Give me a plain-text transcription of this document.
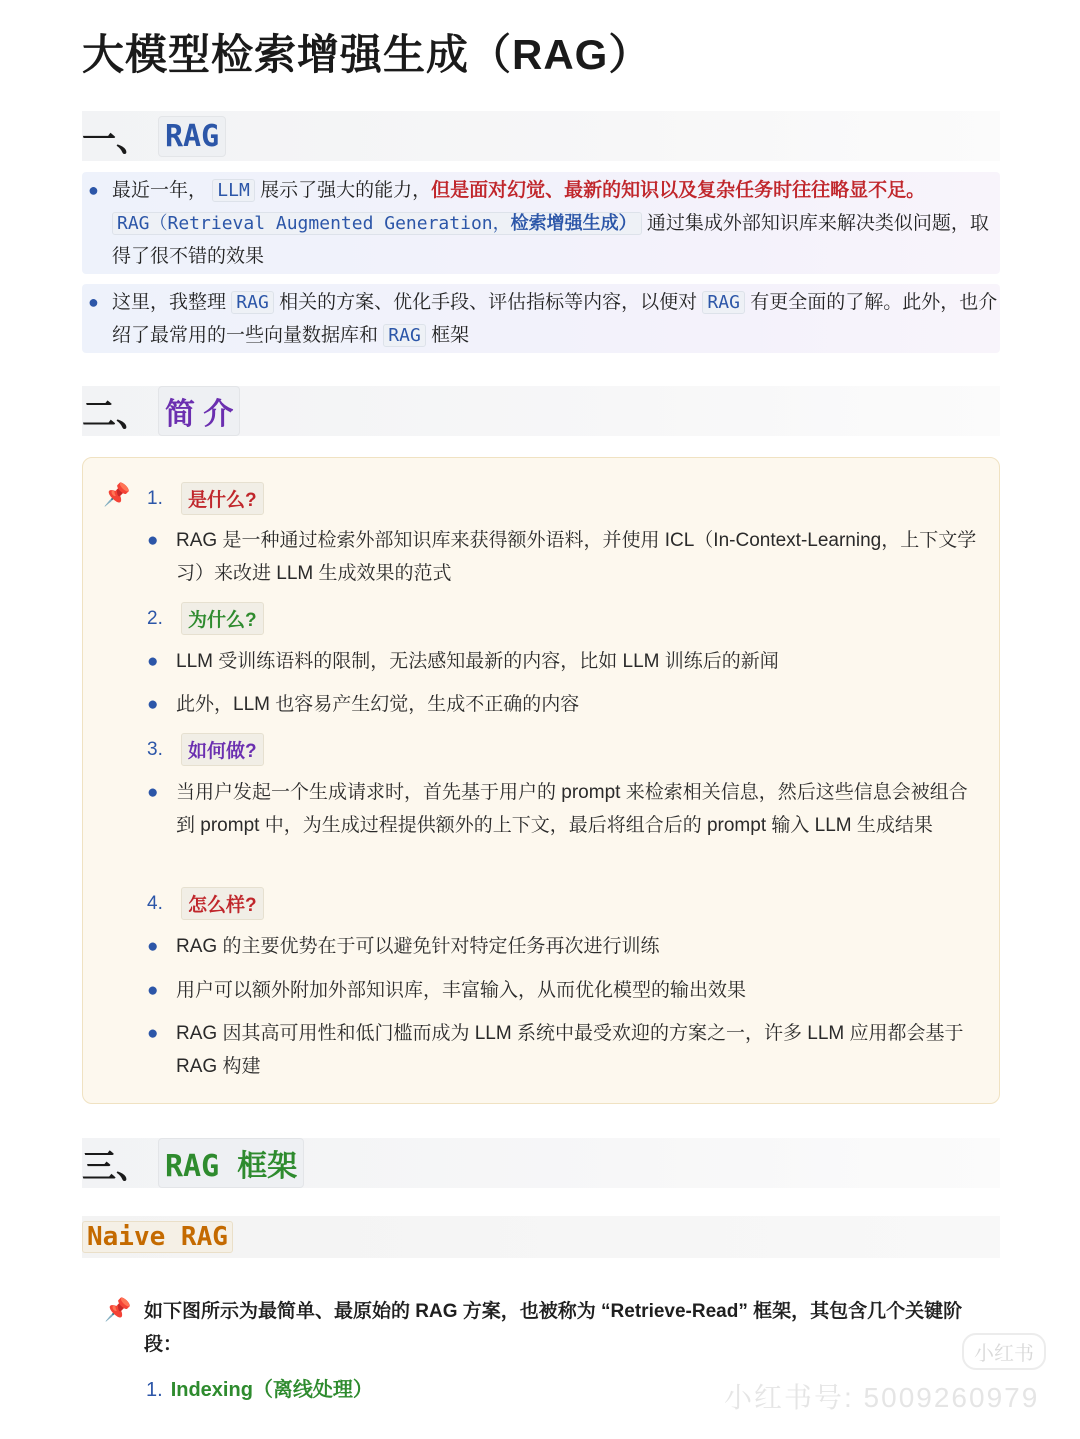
大模型检索增强生成（RAG）
一、 RAG
● 最近一年， LLM 展示了强大的能力，但是面对幻觉、最新的知识以及复杂任务时往往略显不足。
RAG（Retrieval Augmented Generation，检索增强生成） 通过集成外部知识库来解决类似问题，取得了很不错的效果
● 这里，我整理 RAG 相关的方案、优化手段、评估指标等内容，以便对 RAG 有更全面的了解。此外，也介绍了最常用的一些向量数据库和 RAG 框架
二、 简 介
📌 1.	是什么?
● RAG 是一种通过检索外部知识库来获得额外语料，并使用 ICL（In-Context-Learning，上下文学习）来改进 LLM 生成效果的范式
2.	为什么?
● LLM 受训练语料的限制，无法感知最新的内容，比如 LLM 训练后的新闻
● 此外，LLM 也容易产生幻觉，生成不正确的内容
3.	如何做?
● 当用户发起一个生成请求时，首先基于用户的 prompt 来检索相关信息，然后这些信息会被组合到 prompt 中，为生成过程提供额外的上下文，最后将组合后的 prompt 输入 LLM 生成结果
4.	怎么样?
● RAG 的主要优势在于可以避免针对特定任务再次进行训练
● 用户可以额外附加外部知识库，丰富输入，从而优化模型的输出效果
● RAG 因其高可用性和低门槛而成为 LLM 系统中最受欢迎的方案之一，许多 LLM 应用都会基于 RAG 构建
三、 RAG 框架
Naive RAG
📌 如下图所示为最简单、最原始的 RAG 方案，也被称为 “Retrieve-Read” 框架，其包含几个关键阶段：
1. Indexing（离线处理）
小红书
小红书号: 5009260979
